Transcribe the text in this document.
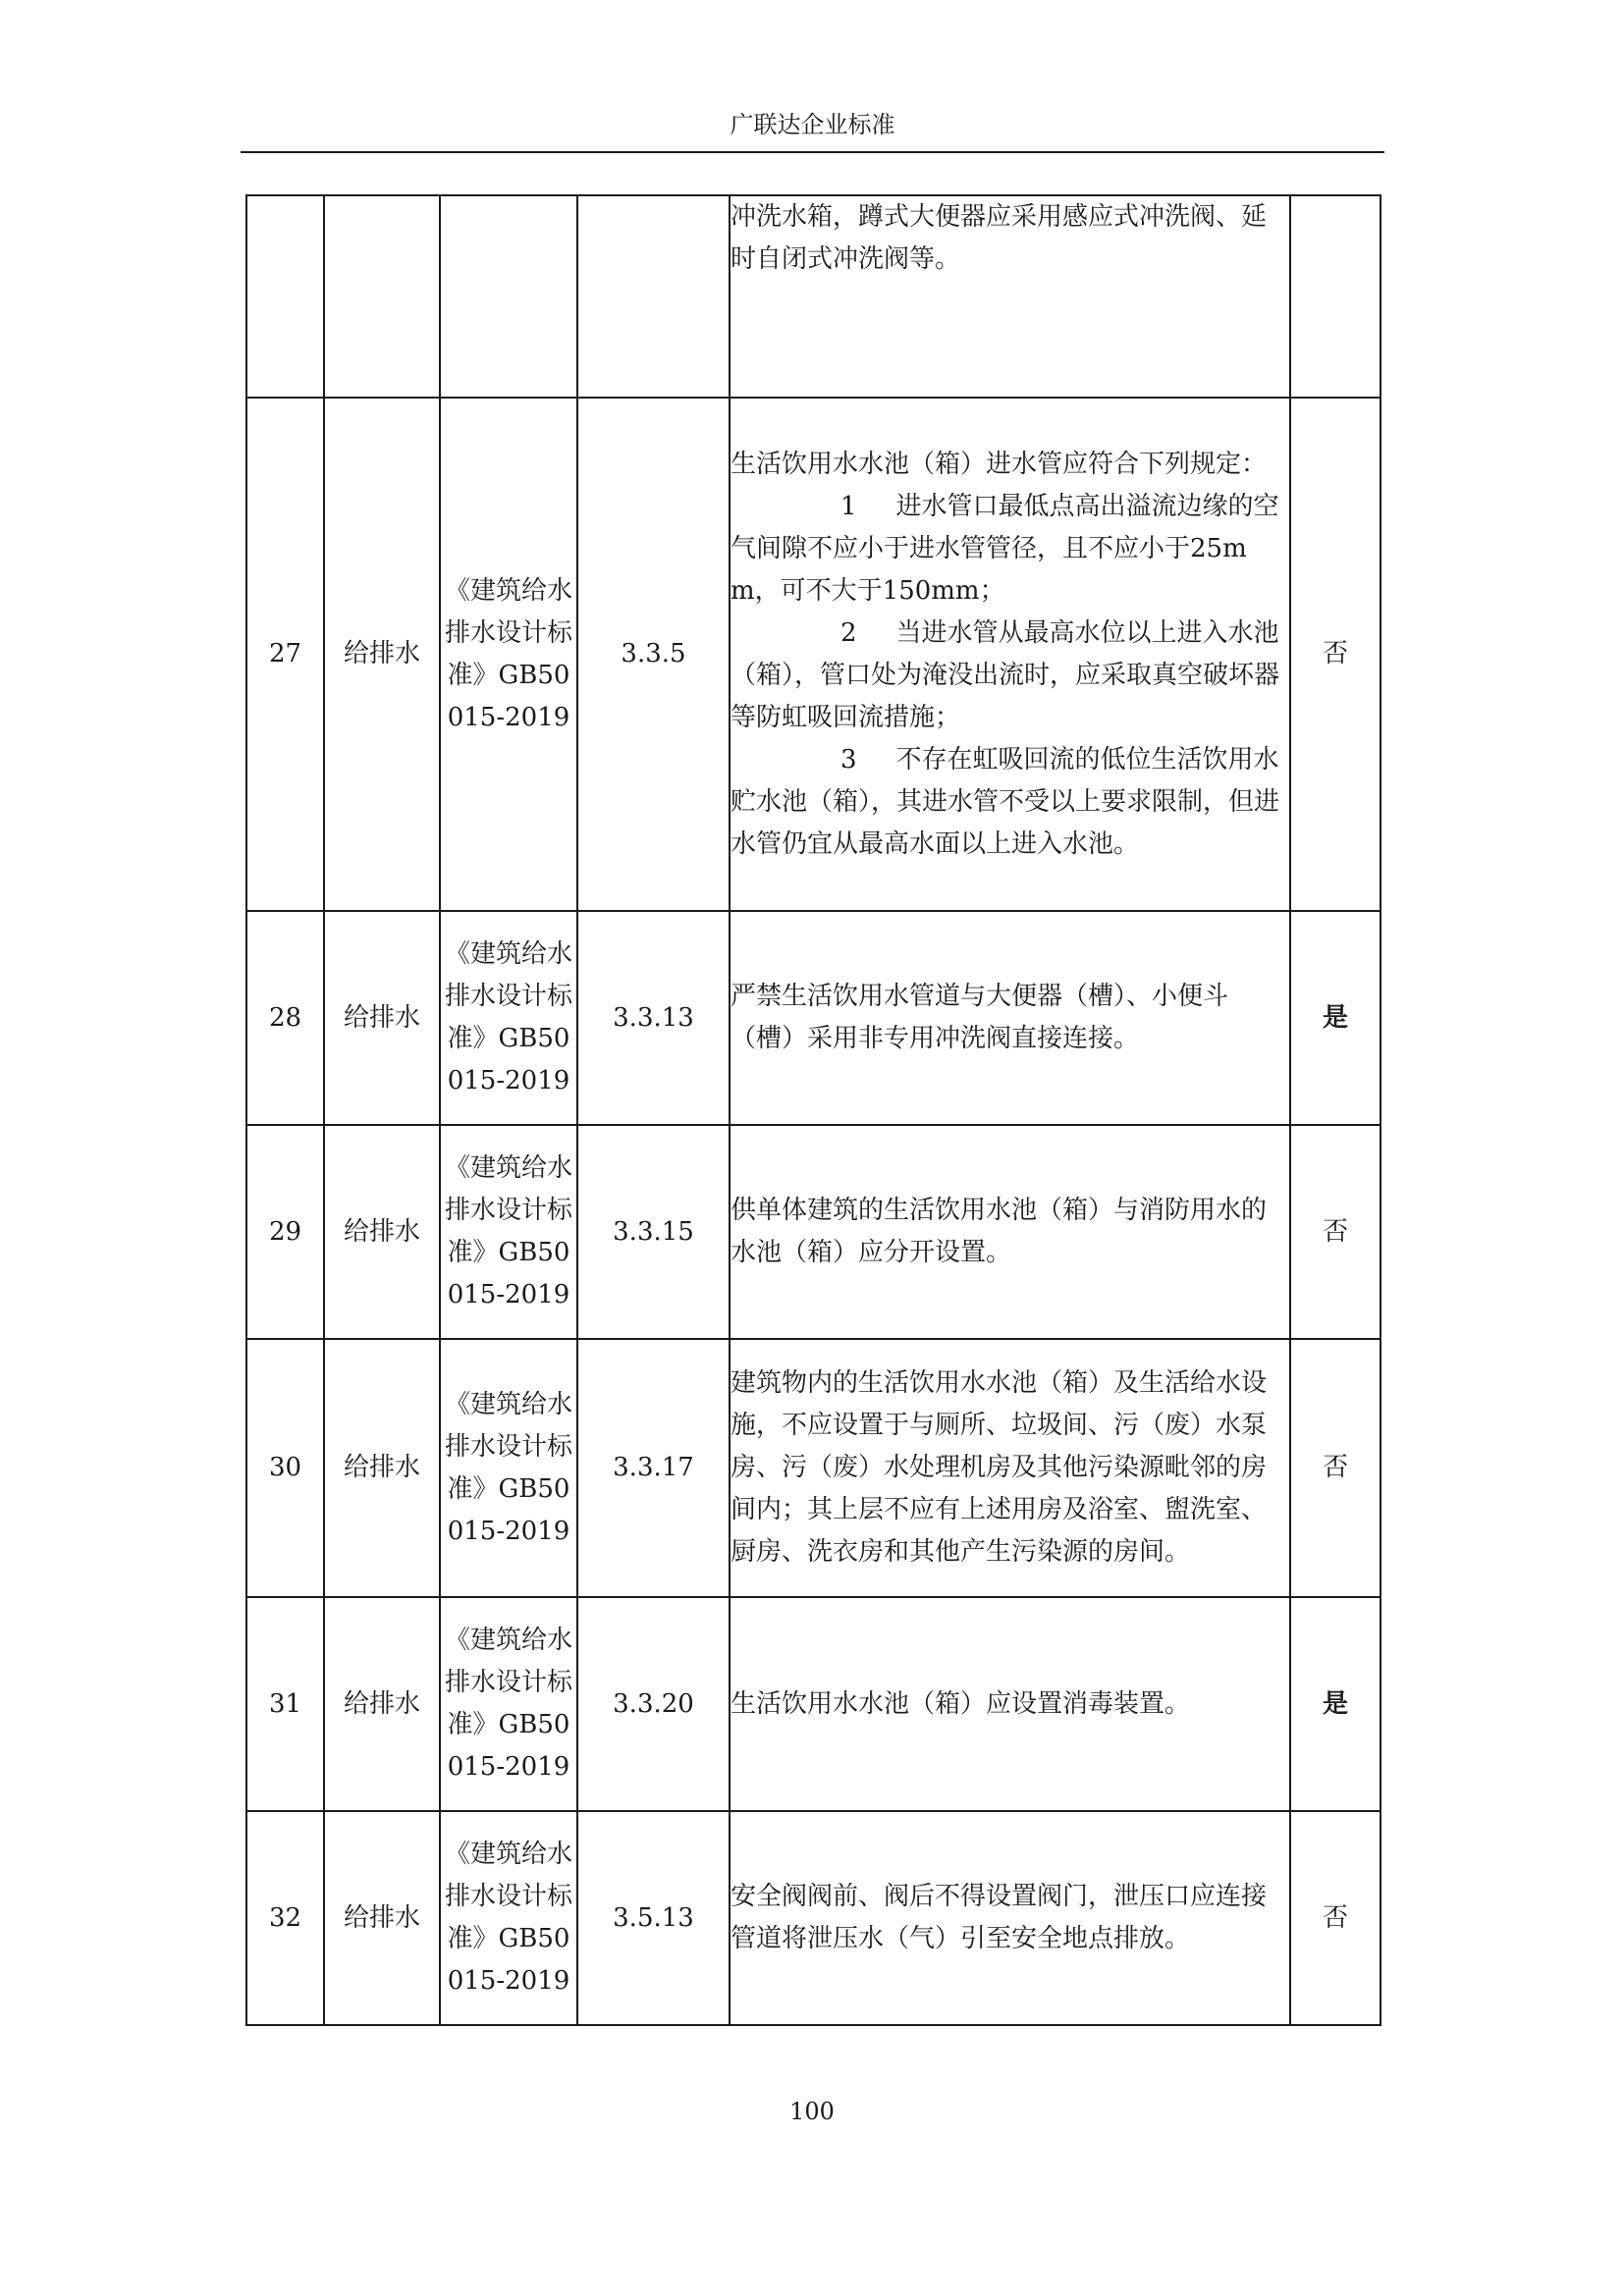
广联达企业标准
				冲洗水箱，蹲式大便器应采用感应式冲洗阀、延时自闭式冲洗阀等。	
27	给排水	《建筑给水排水设计标准》GB50015-2019	3.3.5	生活饮用水水池（箱）进水管应符合下列规定：
1 进水管口最低点高出溢流边缘的空气间隙不应小于进水管管径，且不应小于25mm，可不大于150mm；
2 当进水管从最高水位以上进入水池（箱），管口处为淹没出流时，应采取真空破坏器等防虹吸回流措施；
3 不存在虹吸回流的低位生活饮用水贮水池（箱），其进水管不受以上要求限制，但进水管仍宜从最高水面以上进入水池。	否
28	给排水	《建筑给水排水设计标准》GB50015-2019	3.3.13	严禁生活饮用水管道与大便器（槽）、小便斗（槽）采用非专用冲洗阀直接连接。	是
29	给排水	《建筑给水排水设计标准》GB50015-2019	3.3.15	供单体建筑的生活饮用水池（箱）与消防用水的水池（箱）应分开设置。	否
30	给排水	《建筑给水排水设计标准》GB50015-2019	3.3.17	建筑物内的生活饮用水水池（箱）及生活给水设施，不应设置于与厕所、垃圾间、污（废）水泵房、污（废）水处理机房及其他污染源毗邻的房间内；其上层不应有上述用房及浴室、盥洗室、厨房、洗衣房和其他产生污染源的房间。	否
31	给排水	《建筑给水排水设计标准》GB50015-2019	3.3.20	生活饮用水水池（箱）应设置消毒装置。	是
32	给排水	《建筑给水排水设计标准》GB50015-2019	3.5.13	安全阀阀前、阀后不得设置阀门，泄压口应连接管道将泄压水（气）引至安全地点排放。	否
100
